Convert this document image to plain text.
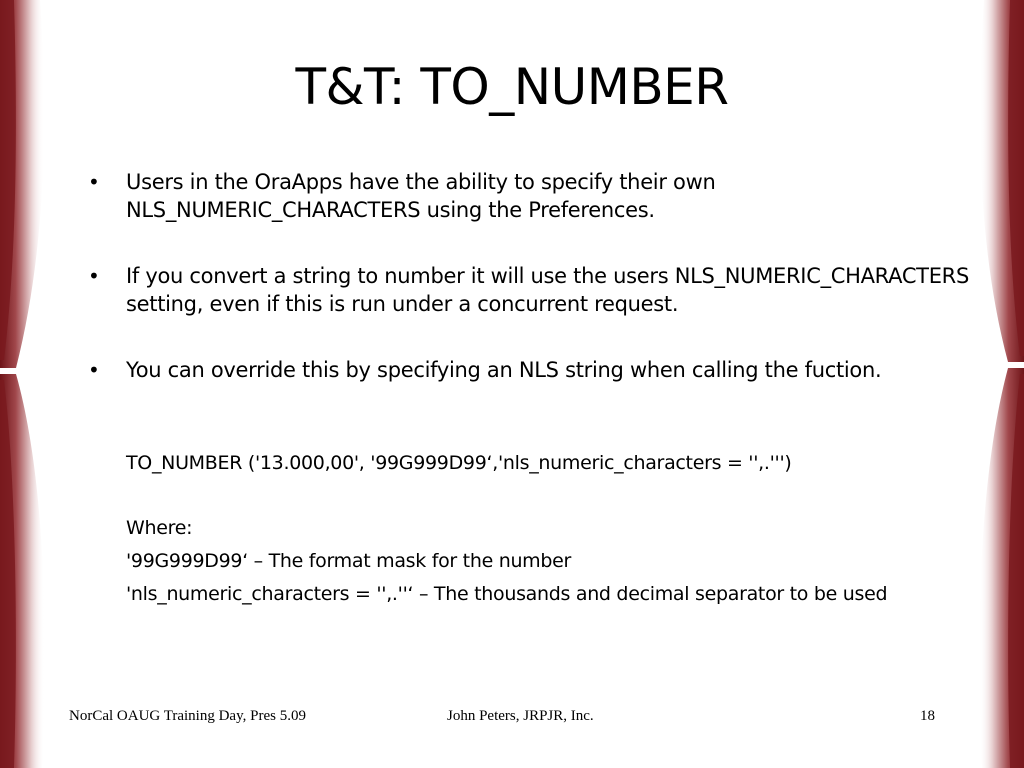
T&T: TO_NUMBER
• Users in the OraApps have the ability to specify their own NLS_NUMERIC_CHARACTERS using the Preferences.
• If you convert a string to number it will use the users NLS_NUMERIC_CHARACTERS setting, even if this is run under a concurrent request.
• You can override this by specifying an NLS string when calling the fuction.
TO_NUMBER ('13.000,00', '99G999D99‘,'nls_numeric_characters = '',.''')
Where:
'99G999D99‘ – The format mask for the number
'nls_numeric_characters = '',.''‘ – The thousands and decimal separator to be used
NorCal OAUG Training Day, Pres 5.09	John Peters, JRPJR, Inc.	18
